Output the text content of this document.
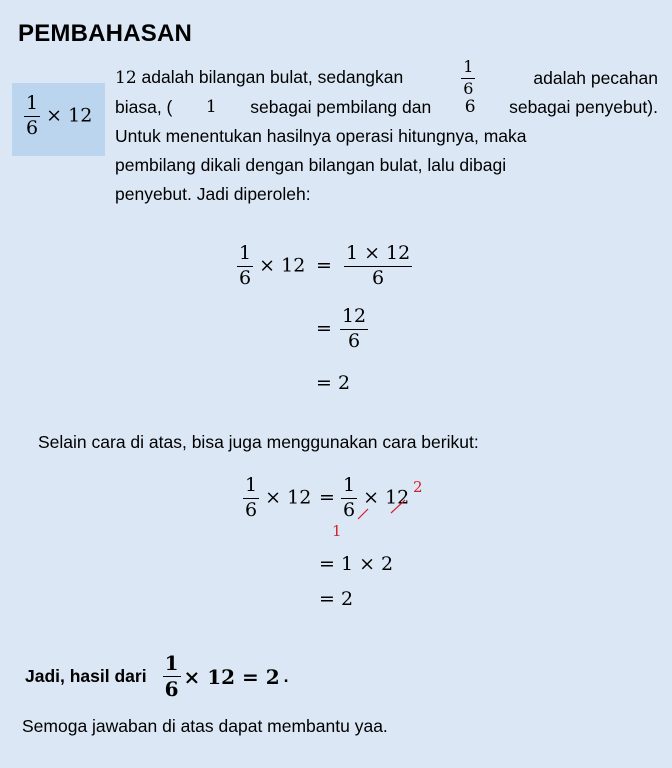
PEMBAHASAN
$\frac{1}{6} \times 12$
12 adalah bilangan bulat, sedangkan	$\frac{1}{6}$	adalah pecahan
biasa, ( 1 sebagai pembilang dan 6 sebagai penyebut).
Untuk menentukan hasilnya operasi hitungnya, maka
pembilang dikali dengan bilangan bulat, lalu dibagi
penyebut. Jadi diperoleh:
$\frac{1}{6} \times 12 = \frac{1 \times 12}{6}$
= $\frac{12}{6}$
= 2
Selain cara di atas, bisa juga menggunakan cara berikut:
$\frac{1}{6} \times 12 = \frac{1}{6} \times 12$ 2
1
= 1 × 2
= 2
Jadi, hasil dari $\frac{1}{6} \times 12 = 2$ .
Semoga jawaban di atas dapat membantu yaa.
